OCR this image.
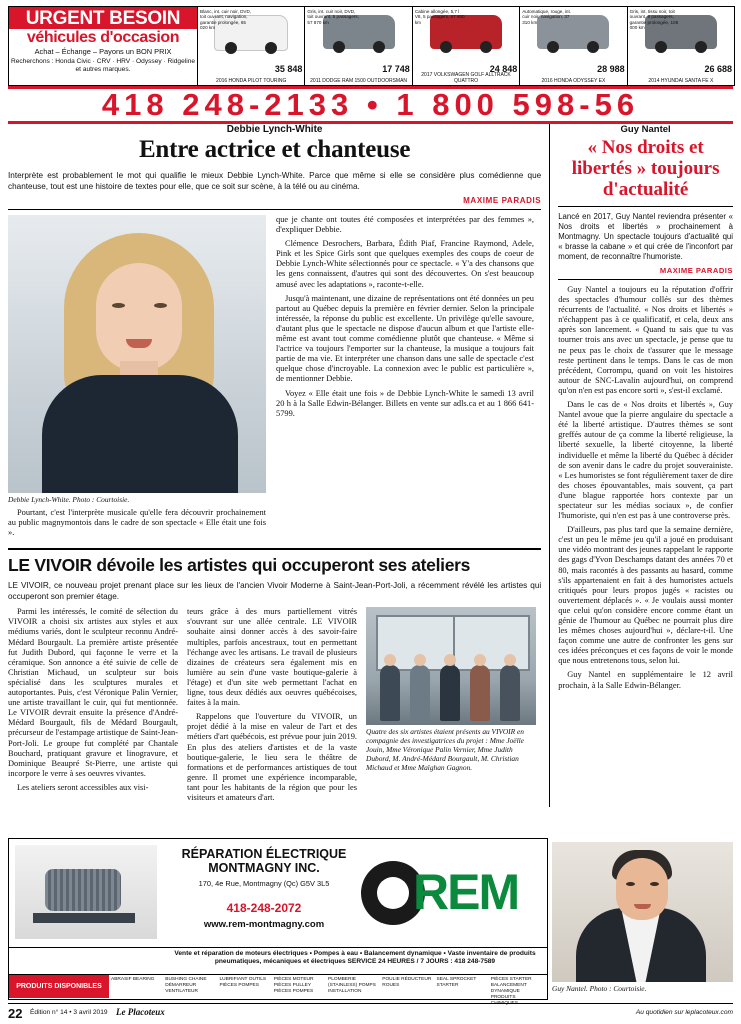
URGENT BESOIN
véhicules d'occasion
Achat – Échange – Payons un BON PRIX
Recherchons : Honda Civic · CRV · HRV · Odyssey · Ridgeline et autres marques.
Blanc, int. cuir noir, DVD, toit ouvrant, navigation, garantie prolongée, 65 020 km
35 848
2016 HONDA PILOT TOURING
Gris, int. cuir noir, DVD, toit ouvrant, 5 passagers, 57 870 km
17 748
2011 DODGE RAM 1500 OUTDOORSMAN
Cabine allongée, 5,7 l V8, 5 passagers, 57 800 km
24 848
2017 VOLKSWAGEN GOLF ALLTRACK QUATTRO
Automatique, rouge, int. cuir noir, navigation, 37 310 km
28 988
2016 HONDA ODYSSEY EX
Gris, int. tissu noir, toit ouvrant, 8 passagers, garantie prolongée, 108 000 km
26 688
2014 HYUNDAI SANTA FE X
418 248-2133 • 1 800 598-56
Debbie Lynch-White
Entre actrice et chanteuse
Interprète est probablement le mot qui qualifie le mieux Debbie Lynch-White. Parce que même si elle se considère plus comédienne que chanteuse, tout est une histoire de textes pour elle, que ce soit sur scène, à la télé ou au cinéma.
MAXIME PARADIS
Debbie Lynch-White. Photo : Courtoisie.

Pourtant, c'est l'interprète musicale qu'elle fera découvrir prochainement au public magnymontois dans le cadre de son spectacle « Elle était une fois ».

que je chante ont toutes été composées et interprétées par des femmes », d'expliquer Debbie.

Clémence Desrochers, Barbara, Édith Piaf, Francine Raymond, Adele, Pink et les Spice Girls sont que quelques exemples des coups de coeur de Debbie Lynch-White sélectionnés pour ce spectacle. « Y'a des chansons que les gens connaissent, d'autres qui sont des découvertes. On s'est beaucoup amusé avec les adaptations », raconte-t-elle.

Jusqu'à maintenant, une dizaine de représentations ont été données un peu partout au Québec depuis la première en février dernier. Selon la principale intéressée, la réponse du public est excellente. Un privilège qu'elle savoure, d'autant plus que le spectacle ne dispose d'aucun album et que l'artiste elle-même est avant tout comme comédienne plutôt que chanteuse. « Même si l'actrice va toujours l'emporter sur la chanteuse, la musique a toujours fait partie de ma vie. Et interpréter une chanson dans une salle de spectacle c'est quelque chose d'incroyable. La connexion avec le public est particulière », de mentionner Debbie.

Voyez « Elle était une fois » de Debbie Lynch-White le samedi 13 avril 20 h à la Salle Edwin-Bélanger. Billets en vente sur adls.ca et au 1 866 641-5799.

LE VIVOIR dévoile les artistes qui occuperont ses ateliers
LE VIVOIR, ce nouveau projet prenant place sur les lieux de l'ancien Vivoir Moderne à Saint-Jean-Port-Joli, a récemment révélé les artistes qui occuperont son premier étage.

Parmi les intéressés, le comité de sélection du VIVOIR a choisi six artistes aux styles et aux médiums variés, dont le sculpteur reconnu André-Médard Bourgault. La première artiste présentée fut Judith Dubord, qui façonne le verre et la céramique. Son annonce a été suivie de celle de Christian Michaud, un sculpteur sur bois spécialisé dans les sculptures murales et autoportantes. Puis, c'est Véronique Palin Vernier, une artiste travaillant le cuir, qui fut mentionnée. Le VIVOIR devrait ensuite la présence d'André-Médard Bourgault, fils de Médard Bourgault, précurseur de l'estampage artistique de Saint-Jean-Port-Joli. Le groupe fut complété par Chantale Bouchard, pratiquant gravure et linogravure, et Dominique Beaupré St-Pierre, une artiste qui incorpore le verre à ses oeuvres vivantes.

Les ateliers seront accessibles aux visi-

teurs grâce à des murs partiellement vitrés s'ouvrant sur une allée centrale. LE VIVOIR souhaite ainsi donner accès à des savoir-faire multiples, parfois ancestraux, tout en permettant l'échange avec les artisans. Le travail de plusieurs dizaines de créateurs sera également mis en lumière au sein d'une vaste boutique-galerie à l'étage) et d'un site web permettant l'achat en ligne, tous deux dédiés aux oeuvres québécoises, faites à la main.

Rappelons que l'ouverture du VIVOIR, un projet dédié à la mise en valeur de l'art et des métiers d'art québécois, est prévue pour juin 2019. En plus des ateliers d'artistes et de la vaste boutique-galerie, le lieu sera le théâtre de formations et de performances artistiques de tout genre. Il promet une expérience incomparable, tant pour les habitants de la région que pour les visiteurs et amateurs d'art.

Quatre des six artistes étaient présents au VIVOIR en compagnie des investigatrices du projet : Mme Joëlle Jouin, Mme Véronique Palin Vernier, Mme Judith Dubord, M. André-Médard Bourgault, M. Christian Michaud et Mme Maïghan Gagnon.
Guy Nantel
« Nos droits et libertés » toujours d'actualité

Lancé en 2017, Guy Nantel reviendra présenter « Nos droits et libertés » prochainement à Montmagny. Un spectacle toujours d'actualité qui « brasse la cabane » et qui crée de l'inconfort par moment, de reconnaître l'humoriste.

MAXIME PARADIS

Guy Nantel a toujours eu la réputation d'offrir des spectacles d'humour collés sur des thèmes récurrents de l'actualité. « Nos droits et libertés » n'échappent pas à ce qualificatif, et cela, deux ans après son lancement. « Quand tu sais que tu vas tourner trois ans avec un spectacle, je pense que tu ne peux pas le choix de t'assurer que le message reste pertinent dans le temps. Dans le cas de mon précédent, Corrompu, quand on voit les histoires autour de SNC-Lavalin aujourd'hui, on comprend qu'on n'en est pas encore sorti », s'est-il exclamé.

Dans le cas de « Nos droits et libertés », Guy Nantel avoue que la pierre angulaire du spectacle a été la liberté artistique. D'autres thèmes se sont greffés autour de ça comme la liberté religieuse, la liberté sexuelle, la liberté citoyenne, la liberté individuelle et même la liberté du Québec à décider de son avenir dans le cadre du projet souverainiste. « Les humoristes se font régulièrement taxer de dire des choses épouvantables, mais souvent, ça part d'une blague rapportée hors contexte par un spectateur sur les médias sociaux », de confier l'humoriste, qui n'en est pas à une controverse près.

D'ailleurs, pas plus tard que la semaine dernière, c'est un peu le même jeu qu'il a joué en produisant une vidéo montrant des jeunes rappelant le rapporte des gags d'Yvon Deschamps datant des années 70 et 80, mais racontés à des passants au hasard, comme s'ils appartenaient en fait à des humoristes actuels critiqués pour leurs propos jugés « racistes ou ouvertement déplacés ». « Je voulais aussi monter que celui qu'on considère encore comme étant un génie de l'humour au Québec ne pourrait plus dire les mêmes choses aujourd'hui », déclare-t-il. Une façon comme une autre de confronter les gens sur ces idées préconçues et ces façons de voir le monde que nous entretenons tous, selon lui.

Guy Nantel en supplémentaire le 12 avril prochain, à la Salle Edwin-Bélanger.

RÉPARATION ÉLECTRIQUE MONTMAGNY INC.
170, 4e Rue, Montmagny (Qc) G5V 3L5
418-248-2072
www.rem-montmagny.com
REM
Vente et réparation de moteurs électriques • Pompes à eau • Balancement dynamique • Vaste inventaire de produits pneumatiques, mécaniques et électriques SERVICE 24 HEURES / 7 JOURS : 418 248-7589
PRODUITS DISPONIBLES
ABRASIF BEARING	BUSHING CHAINE DÉMARREUR VENTILATEUR
LUBRIFIANT OUTILS PIÈCES POMPES
PIÈCES MOTEUR PIÈCES PULLEY PIÈCES POMPES
PLOMBERIE (STAINLESS) POMPS INSTALLATION
POULIE RÉDUCTEUR ROUES
SEAL SPROCKET STARTER
PIÈCES STARTER BALANCEMENT DYNAMIQUE PRODUITS CHIMIQUES
Guy Nantel. Photo : Courtoisie.
22 Édition n° 14 • 3 avril 2019 Le Placoteux	Au quotidien sur leplacoteux.com
